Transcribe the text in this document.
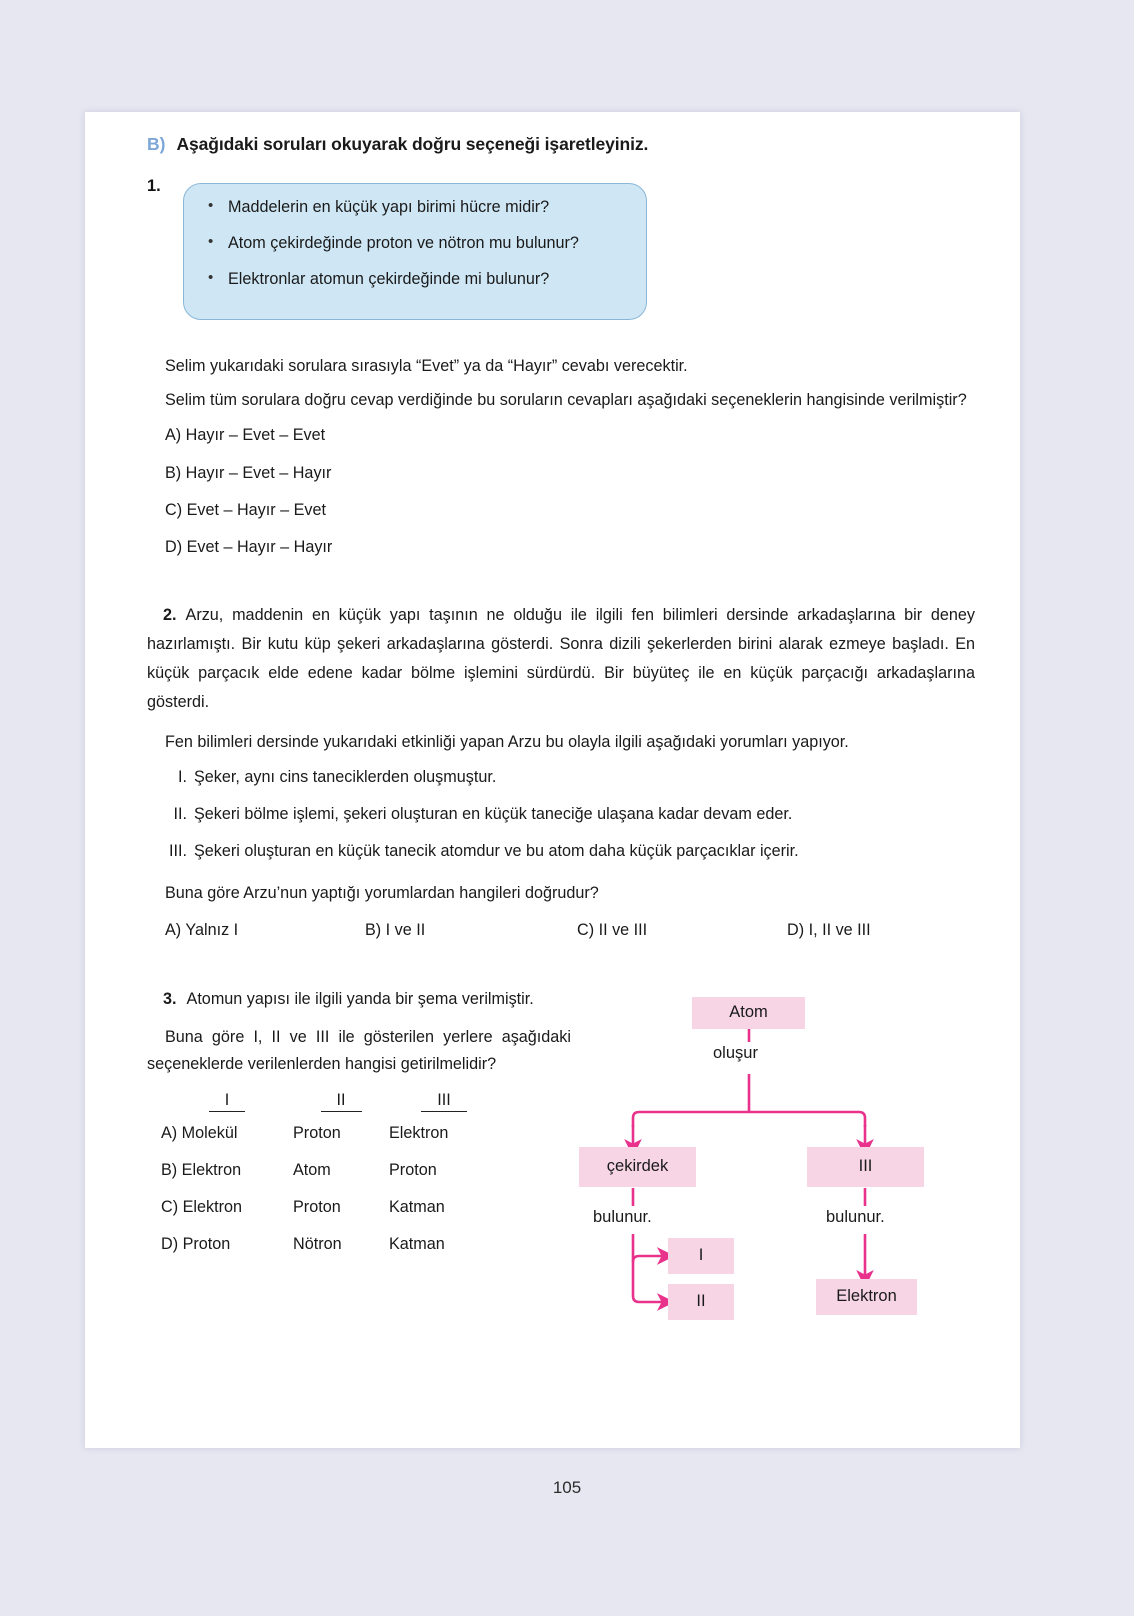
B) Aşağıdaki soruları okuyarak doğru seçeneği işaretleyiniz.
1.
• Maddelerin en küçük yapı birimi hücre midir?
• Atom çekirdeğinde proton ve nötron mu bulunur?
• Elektronlar atomun çekirdeğinde mi bulunur?

Selim yukarıdaki sorulara sırasıyla “Evet” ya da “Hayır” cevabı verecektir.

Selim tüm sorulara doğru cevap verdiğinde bu soruların cevapları aşağıdaki seçeneklerin hangisinde verilmiştir?

A) Hayır – Evet – Evet

B) Hayır – Evet – Hayır

C) Evet – Hayır – Evet

D) Evet – Hayır – Hayır

2. Arzu, maddenin en küçük yapı taşının ne olduğu ile ilgili fen bilimleri dersinde arkadaşlarına bir deney hazırlamıştı. Bir kutu küp şekeri arkadaşlarına gösterdi. Sonra dizili şekerlerden birini alarak ezmeye başladı. En küçük parçacık elde edene kadar bölme işlemini sürdürdü. Bir büyüteç ile en küçük parçacığı arkadaşlarına gösterdi.

Fen bilimleri dersinde yukarıdaki etkinliği yapan Arzu bu olayla ilgili aşağıdaki yorumları yapıyor.

I. Şeker, aynı cins taneciklerden oluşmuştur.
II. Şekeri bölme işlemi, şekeri oluşturan en küçük taneciğe ulaşana kadar devam eder.
III. Şekeri oluşturan en küçük tanecik atomdur ve bu atom daha küçük parçacıklar içerir.

Buna göre Arzu’nun yaptığı yorumlardan hangileri doğrudur?

A) Yalnız I	B) I ve II	C) II ve III	D) I, II ve III

3. Atomun yapısı ile ilgili yanda bir şema verilmiştir.

Buna göre I, II ve III ile gösterilen yerlere aşağıdaki seçeneklerde verilenlerden hangisi getirilmelidir?

I	II	III
A) Molekül	Proton	Elektron
B) Elektron	Atom	Proton
C) Elektron	Proton	Katman
D) Proton	Nötron	Katman
Atom
oluşur
çekirdek	III
bulunur.	bulunur.
I
II	Elektron
105
